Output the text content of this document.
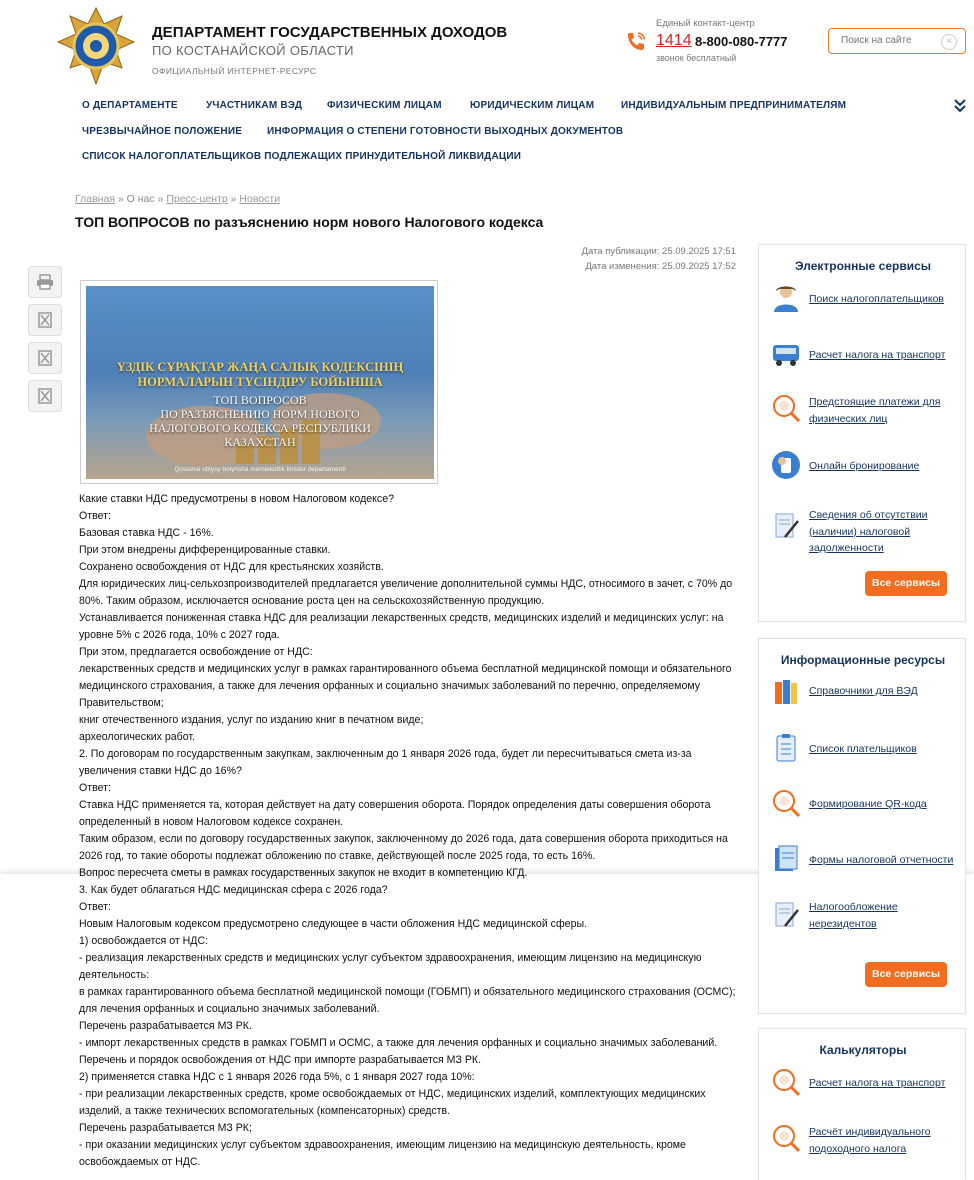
ДЕПАРТАМЕНТ ГОСУДАРСТВЕННЫХ ДОХОДОВ
ПО КОСТАНАЙСКОЙ ОБЛАСТИ
ОФИЦИАЛЬНЫЙ ИНТЕРНЕТ-РЕСУРС
Единый контакт-центр
1414 8-800-080-7777
звонок бесплатный
Поиск на сайте
×
О ДЕПАРТАМЕНТЕ	УЧАСТНИКАМ ВЭД ФИЗИЧЕСКИМ ЛИЦАМ	ЮРИДИЧЕСКИМ ЛИЦАМ	ИНДИВИДУАЛЬНЫМ ПРЕДПРИНИМАТЕЛЯМ
ЧРЕЗВЫЧАЙНОЕ ПОЛОЖЕНИЕ ИНФОРМАЦИЯ О СТЕПЕНИ ГОТОВНОСТИ ВЫХОДНЫХ ДОКУМЕНТОВ
СПИСОК НАЛОГОПЛАТЕЛЬЩИКОВ ПОДЛЕЖАЩИХ ПРИНУДИТЕЛЬНОЙ ЛИКВИДАЦИИ
Главная » О нас » Пресс-центр » Новости
ТОП ВОПРОСОВ по разъяснению норм нового Налогового кодекса
Дата публикации: 25.09.2025 17:51
Дата изменения: 25.09.2025 17:52
ҮЗДІК СҰРАҚТАР ЖАҢА САЛЫҚ КОДЕКСІНІҢ
НОРМАЛАРЫН ТҮСІНДІРУ БОЙЫНША
ТОП ВОПРОСОВ
ПО РАЗЪЯСНЕНИЮ НОРМ НОВОГО
НАЛОГОВОГО КОДЕКСА РЕСПУБЛИКИ
КАЗАХСТАН
Qostanai oblysy boiynsha memlekettik kirister departamenti

Какие ставки НДС предусмотрены в новом Налоговом кодексе?

Ответ:

Базовая ставка НДС - 16%.

При этом внедрены дифференцированные ставки.

Сохранено освобождения от НДС для крестьянских хозяйств.

Для юридических лиц-сельхозпроизводителей предлагается увеличение дополнительной суммы НДС, относимого в зачет, с 70% до 80%. Таким образом, исключается основание роста цен на сельскохозяйственную продукцию.

Устанавливается пониженная ставка НДС для реализации лекарственных средств, медицинских изделий и медицинских услуг: на уровне 5% с 2026 года, 10% с 2027 года.

При этом, предлагается освобождение от НДС:

лекарственных средств и медицинских услуг в рамках гарантированного объема бесплатной медицинской помощи и обязательного медицинского страхования, а также для лечения орфанных и социально значимых заболеваний по перечню, определяемому Правительством;

книг отечественного издания, услуг по изданию книг в печатном виде;

археологических работ.

2. По договорам по государственным закупкам, заключенным до 1 января 2026 года, будет ли пересчитываться смета из-за увеличения ставки НДС до 16%?

Ответ:

Ставка НДС применяется та, которая действует на дату совершения оборота. Порядок определения даты совершения оборота определенный в новом Налоговом кодексе сохранен.

Таким образом, если по договору государственных закупок, заключенному до 2026 года, дата совершения оборота приходиться на 2026 год, то такие обороты подлежат обложению по ставке, действующей после 2025 года, то есть 16%.

Вопрос пересчета сметы в рамках государственных закупок не входит в компетенцию КГД.

3. Как будет облагаться НДС медицинская сфера с 2026 года?

Ответ:

Новым Налоговым кодексом предусмотрено следующее в части обложения НДС медицинской сферы.

1) освобождается от НДС:

- реализация лекарственных средств и медицинских услуг субъектом здравоохранения, имеющим лицензию на медицинскую деятельность:

в рамках гарантированного объема бесплатной медицинской помощи (ГОБМП) и обязательного медицинского страхования (ОСМС); для лечения орфанных и социально значимых заболеваний.

Перечень разрабатывается МЗ РК.

- импорт лекарственных средств в рамках ГОБМП и ОСМС, а также для лечения орфанных и социально значимых заболеваний.

Перечень и порядок освобождения от НДС при импорте разрабатывается МЗ РК.

2) применяется ставка НДС с 1 января 2026 года 5%, с 1 января 2027 года 10%:

- при реализации лекарственных средств, кроме освобождаемых от НДС, медицинских изделий, комплектующих медицинских изделий, а также технических вспомогательных (компенсаторных) средств.

Перечень разрабатывается МЗ РК;

- при оказании медицинских услуг субъектом здравоохранения, имеющим лицензию на медицинскую деятельность, кроме освобождаемых от НДС.

Электронные сервисы
Поиск налогоплательщиков
Расчет налога на транспорт
Предстоящие платежи для физических лиц
Онлайн бронирование
Сведения об отсутствии (наличии) налоговой задолженности
Все сервисы
Информационные ресурсы
Справочники для ВЭД
Список плательщиков
Формирование QR-кода
Формы налоговой отчетности
Налогообложение нерезидентов
Все сервисы
Калькуляторы
Расчет налога на транспорт
Расчёт индивидуального подоходного налога
